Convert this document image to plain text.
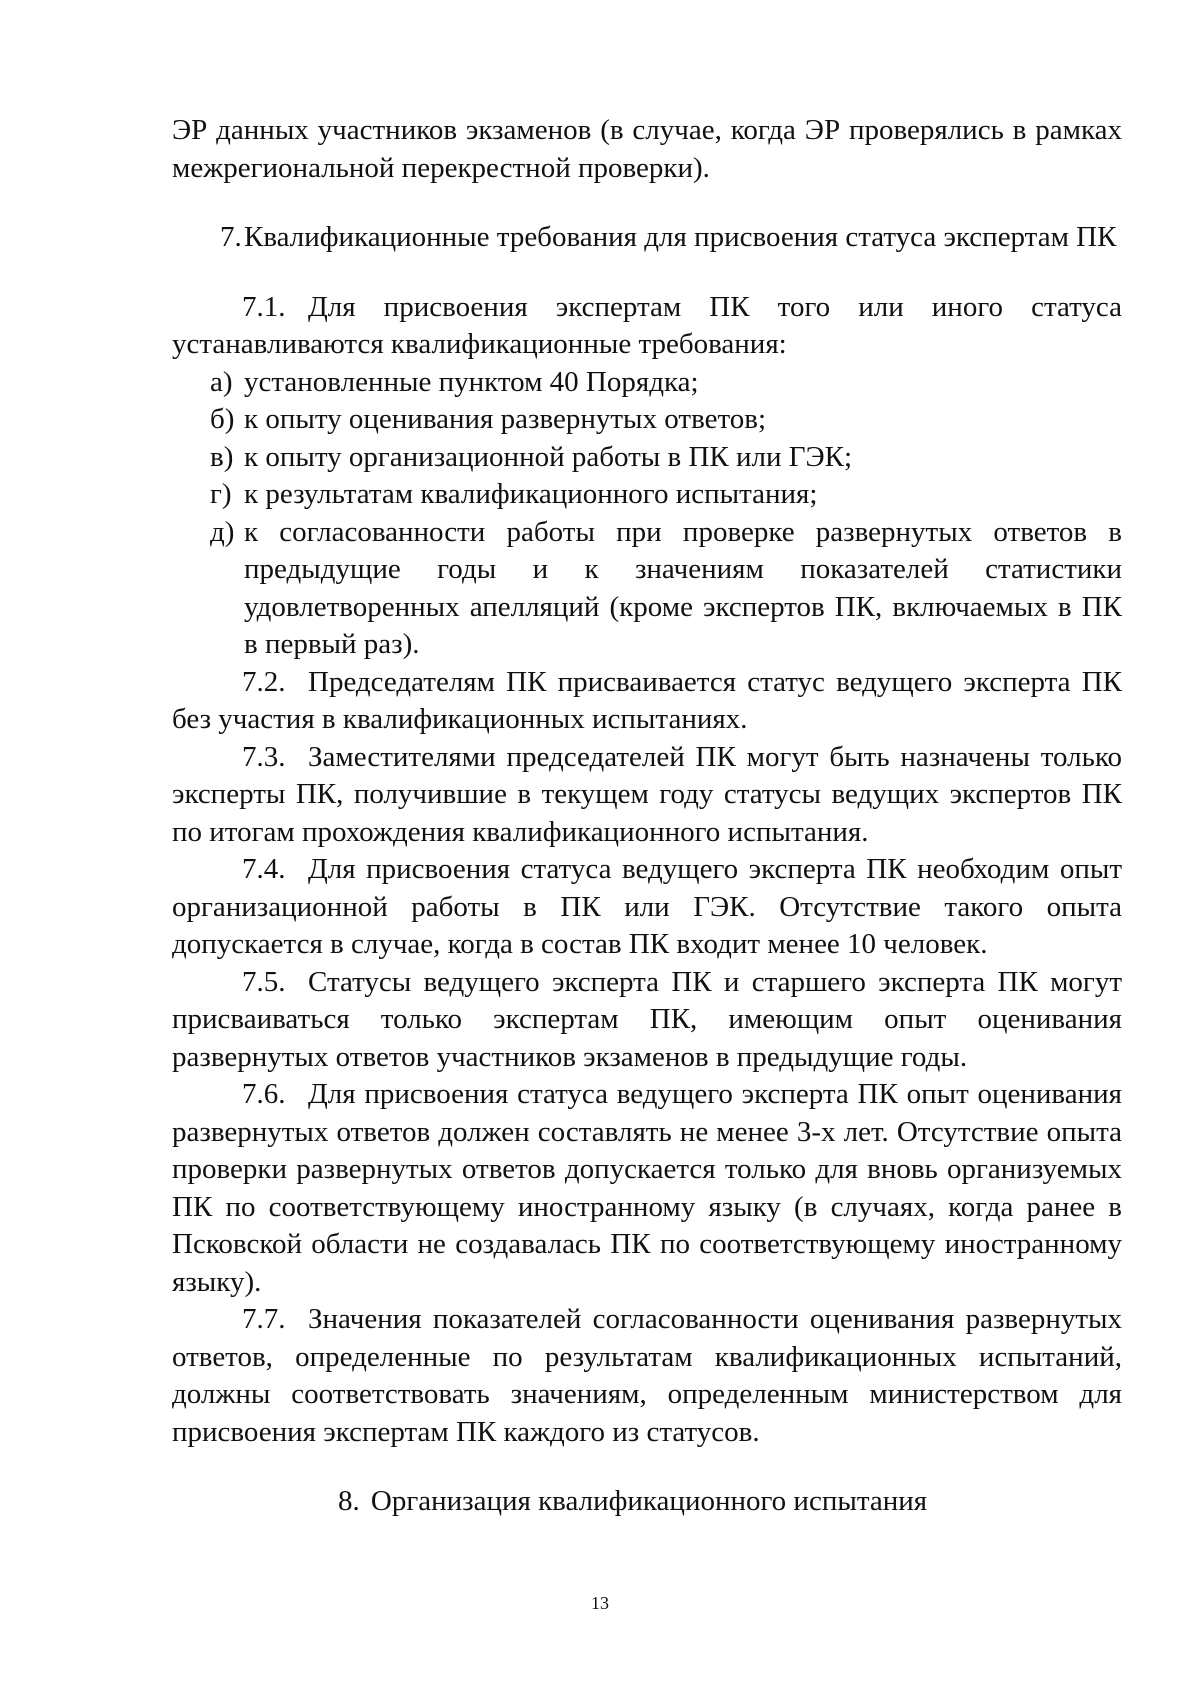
ЭР данных участников экзаменов (в случае, когда ЭР проверялись в рамках межрегиональной перекрестной проверки).

7.Квалификационные требования для присвоения статуса экспертам ПК

7.1. Для присвоения экспертам ПК того или иного статуса устанавливаются квалификационные требования:

а) установленные пунктом 40 Порядка;
б) к опыту оценивания развернутых ответов;
в) к опыту организационной работы в ПК или ГЭК;
г) к результатам квалификационного испытания;
д) к согласованности работы при проверке развернутых ответов в предыдущие годы и к значениям показателей статистики удовлетворенных апелляций (кроме экспертов ПК, включаемых в ПК в первый раз).

7.2. Председателям ПК присваивается статус ведущего эксперта ПК без участия в квалификационных испытаниях.

7.3. Заместителями председателей ПК могут быть назначены только эксперты ПК, получившие в текущем году статусы ведущих экспертов ПК по итогам прохождения квалификационного испытания.

7.4. Для присвоения статуса ведущего эксперта ПК необходим опыт организационной работы в ПК или ГЭК. Отсутствие такого опыта допускается в случае, когда в состав ПК входит менее 10 человек.

7.5. Статусы ведущего эксперта ПК и старшего эксперта ПК могут присваиваться только экспертам ПК, имеющим опыт оценивания развернутых ответов участников экзаменов в предыдущие годы.

7.6. Для присвоения статуса ведущего эксперта ПК опыт оценивания развернутых ответов должен составлять не менее 3-х лет. Отсутствие опыта проверки развернутых ответов допускается только для вновь организуемых ПК по соответствующему иностранному языку (в случаях, когда ранее в Псковской области не создавалась ПК по соответствующему иностранному языку).

7.7. Значения показателей согласованности оценивания развернутых ответов, определенные по результатам квалификационных испытаний, должны соответствовать значениям, определенным министерством для присвоения экспертам ПК каждого из статусов.

8. Организация квалификационного испытания

13
